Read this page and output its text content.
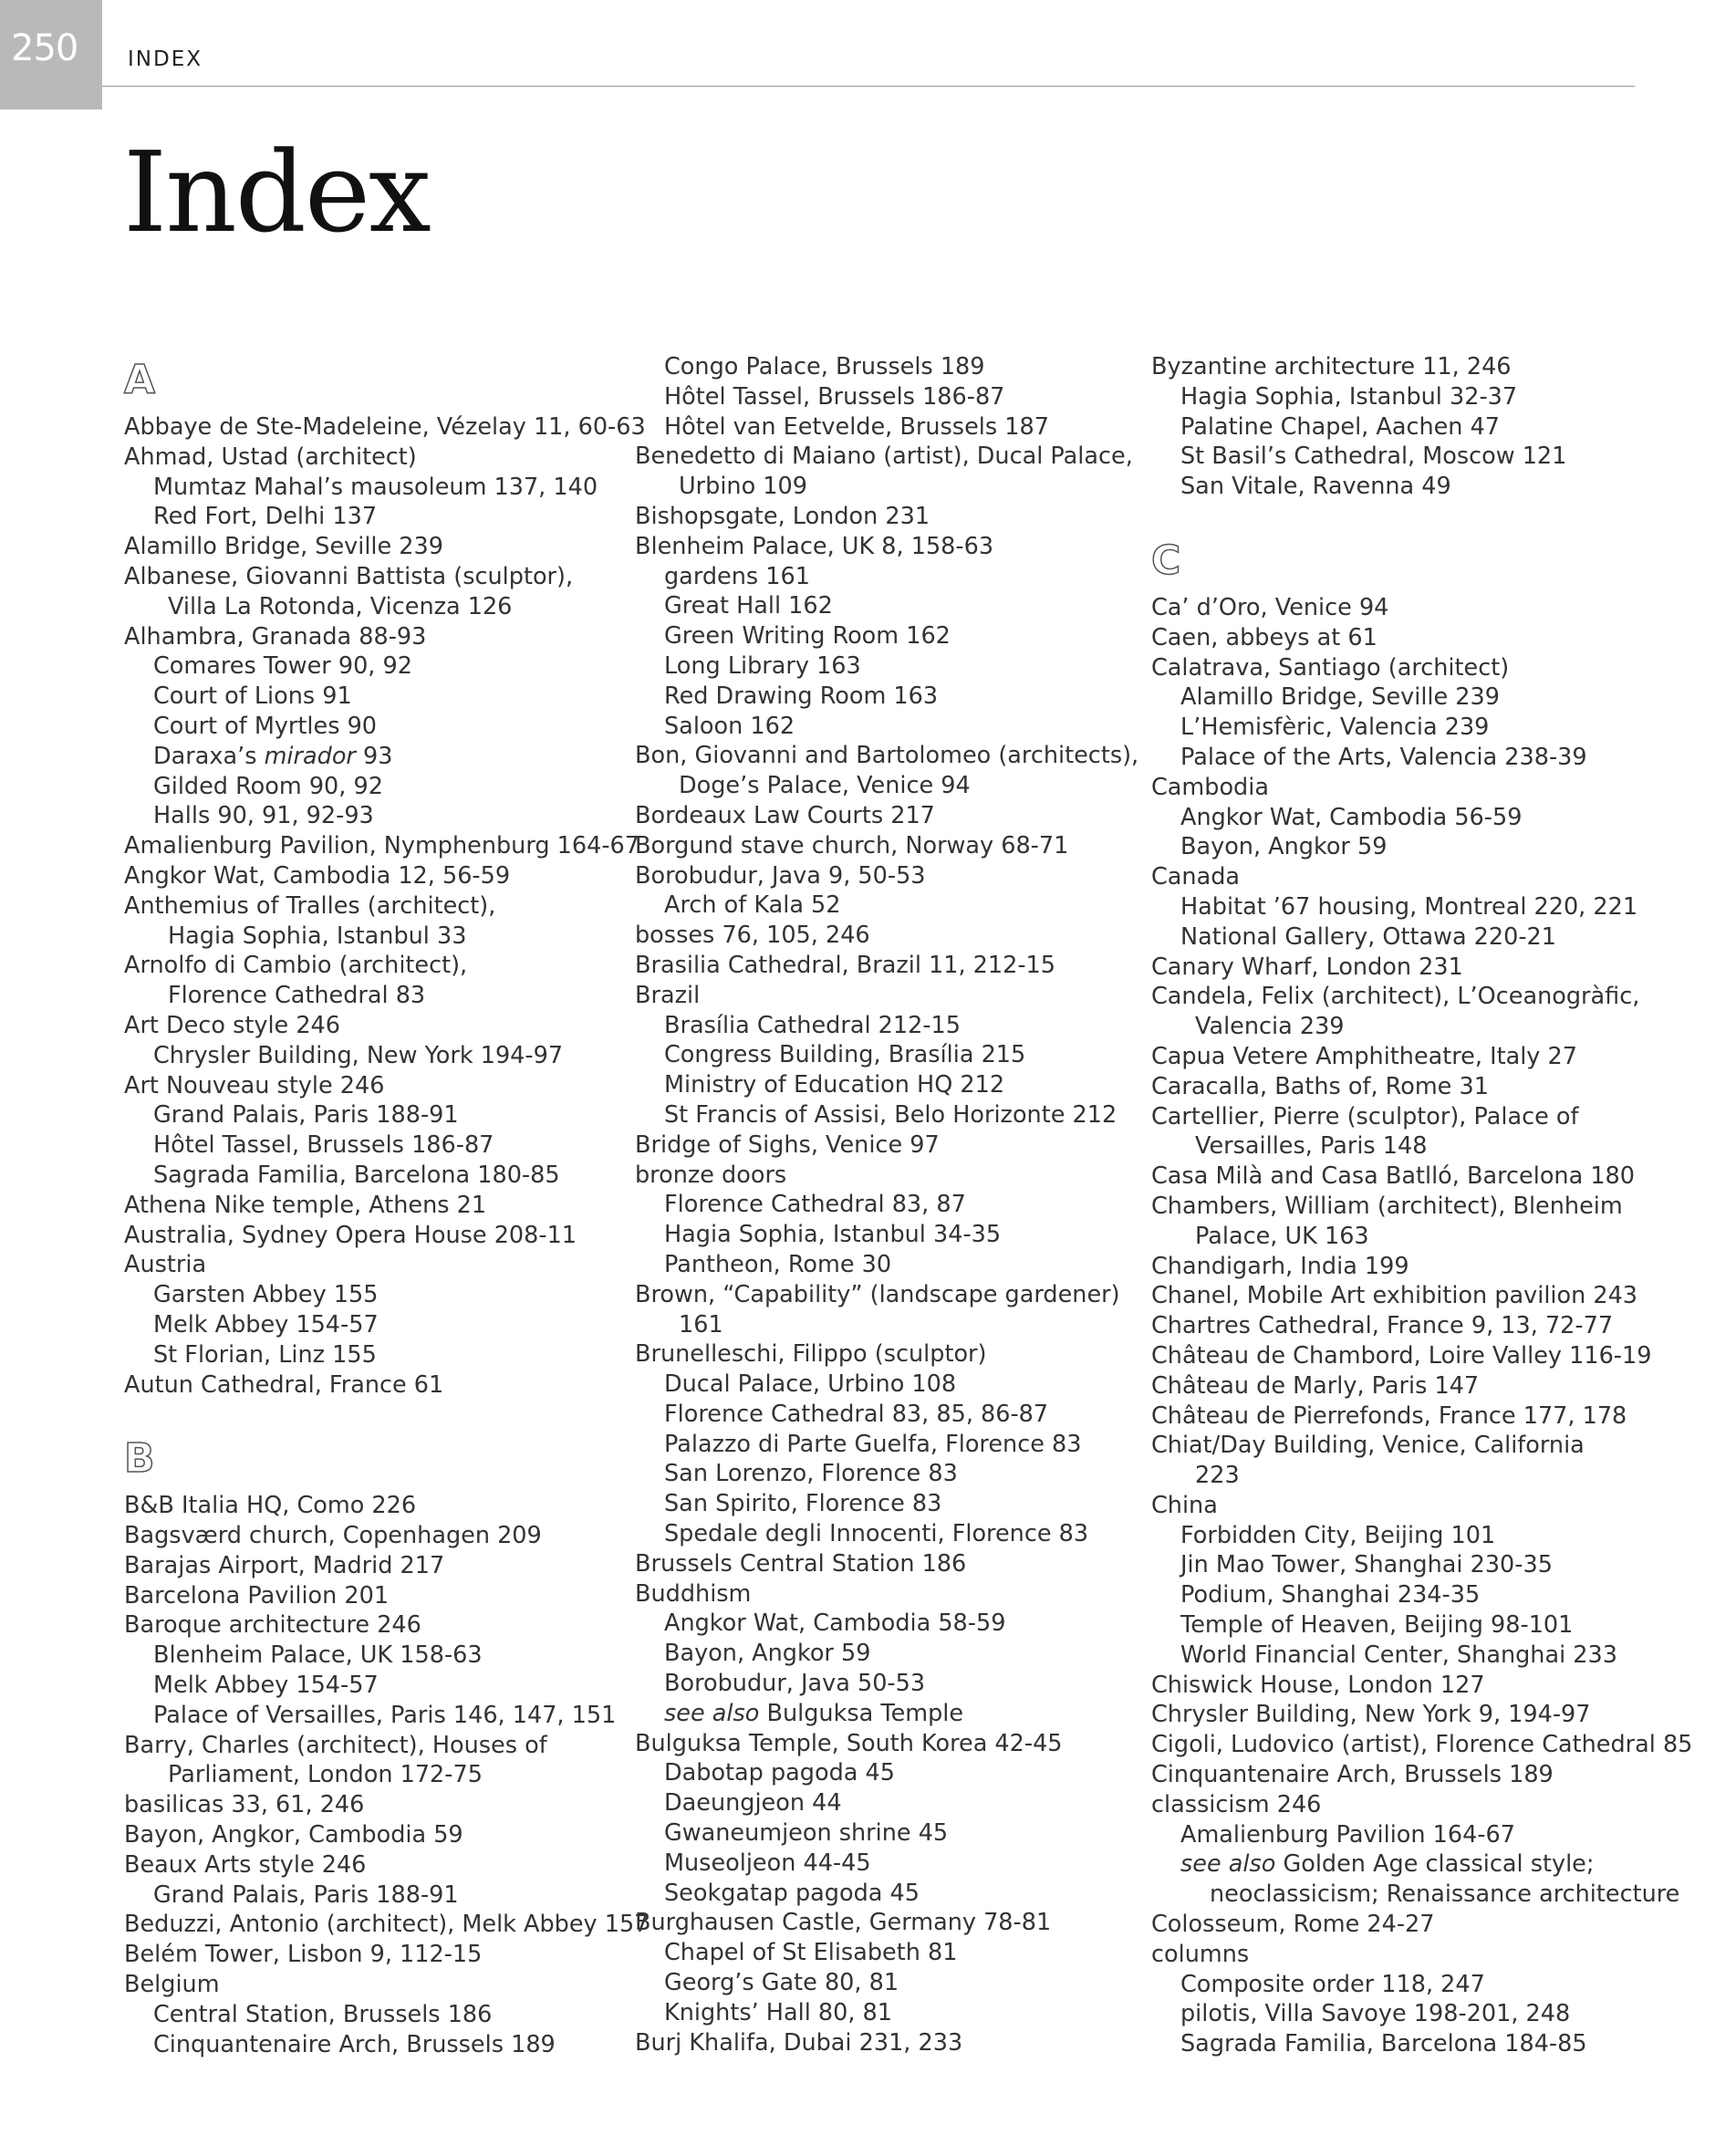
250 INDEX
Index
A
Abbaye de Ste-Madeleine, Vézelay 11, 60-63
Ahmad, Ustad (architect)
Mumtaz Mahal’s mausoleum 137, 140
Red Fort, Delhi 137
Alamillo Bridge, Seville 239
Albanese, Giovanni Battista (sculptor),
Villa La Rotonda, Vicenza 126
Alhambra, Granada 88-93
Comares Tower 90, 92
Court of Lions 91
Court of Myrtles 90
Daraxa’s mirador 93
Gilded Room 90, 92
Halls 90, 91, 92-93
Amalienburg Pavilion, Nymphenburg 164-67
Angkor Wat, Cambodia 12, 56-59
Anthemius of Tralles (architect),
Hagia Sophia, Istanbul 33
Arnolfo di Cambio (architect),
Florence Cathedral 83
Art Deco style 246
Chrysler Building, New York 194-97
Art Nouveau style 246
Grand Palais, Paris 188-91
Hôtel Tassel, Brussels 186-87
Sagrada Familia, Barcelona 180-85
Athena Nike temple, Athens 21
Australia, Sydney Opera House 208-11
Austria
Garsten Abbey 155
Melk Abbey 154-57
St Florian, Linz 155
Autun Cathedral, France 61
B
B&B Italia HQ, Como 226
Bagsværd church, Copenhagen 209
Barajas Airport, Madrid 217
Barcelona Pavilion 201
Baroque architecture 246
Blenheim Palace, UK 158-63
Melk Abbey 154-57
Palace of Versailles, Paris 146, 147, 151
Barry, Charles (architect), Houses of
Parliament, London 172-75
basilicas 33, 61, 246
Bayon, Angkor, Cambodia 59
Beaux Arts style 246
Grand Palais, Paris 188-91
Beduzzi, Antonio (architect), Melk Abbey 157
Belém Tower, Lisbon 9, 112-15
Belgium
Central Station, Brussels 186
Cinquantenaire Arch, Brussels 189
Congo Palace, Brussels 189
Hôtel Tassel, Brussels 186-87
Hôtel van Eetvelde, Brussels 187
Benedetto di Maiano (artist), Ducal Palace,
Urbino 109
Bishopsgate, London 231
Blenheim Palace, UK 8, 158-63
gardens 161
Great Hall 162
Green Writing Room 162
Long Library 163
Red Drawing Room 163
Saloon 162
Bon, Giovanni and Bartolomeo (architects),
Doge’s Palace, Venice 94
Bordeaux Law Courts 217
Borgund stave church, Norway 68-71
Borobudur, Java 9, 50-53
Arch of Kala 52
bosses 76, 105, 246
Brasilia Cathedral, Brazil 11, 212-15
Brazil
Brasília Cathedral 212-15
Congress Building, Brasília 215
Ministry of Education HQ 212
St Francis of Assisi, Belo Horizonte 212
Bridge of Sighs, Venice 97
bronze doors
Florence Cathedral 83, 87
Hagia Sophia, Istanbul 34-35
Pantheon, Rome 30
Brown, “Capability” (landscape gardener)
161
Brunelleschi, Filippo (sculptor)
Ducal Palace, Urbino 108
Florence Cathedral 83, 85, 86-87
Palazzo di Parte Guelfa, Florence 83
San Lorenzo, Florence 83
San Spirito, Florence 83
Spedale degli Innocenti, Florence 83
Brussels Central Station 186
Buddhism
Angkor Wat, Cambodia 58-59
Bayon, Angkor 59
Borobudur, Java 50-53
see also Bulguksa Temple
Bulguksa Temple, South Korea 42-45
Dabotap pagoda 45
Daeungjeon 44
Gwaneumjeon shrine 45
Museoljeon 44-45
Seokgatap pagoda 45
Burghausen Castle, Germany 78-81
Chapel of St Elisabeth 81
Georg’s Gate 80, 81
Knights’ Hall 80, 81
Burj Khalifa, Dubai 231, 233
Byzantine architecture 11, 246
Hagia Sophia, Istanbul 32-37
Palatine Chapel, Aachen 47
St Basil’s Cathedral, Moscow 121
San Vitale, Ravenna 49
C
Ca’ d’Oro, Venice 94
Caen, abbeys at 61
Calatrava, Santiago (architect)
Alamillo Bridge, Seville 239
L’Hemisfèric, Valencia 239
Palace of the Arts, Valencia 238-39
Cambodia
Angkor Wat, Cambodia 56-59
Bayon, Angkor 59
Canada
Habitat ’67 housing, Montreal 220, 221
National Gallery, Ottawa 220-21
Canary Wharf, London 231
Candela, Felix (architect), L’Oceanogràfic,
Valencia 239
Capua Vetere Amphitheatre, Italy 27
Caracalla, Baths of, Rome 31
Cartellier, Pierre (sculptor), Palace of
Versailles, Paris 148
Casa Milà and Casa Batlló, Barcelona 180
Chambers, William (architect), Blenheim
Palace, UK 163
Chandigarh, India 199
Chanel, Mobile Art exhibition pavilion 243
Chartres Cathedral, France 9, 13, 72-77
Château de Chambord, Loire Valley 116-19
Château de Marly, Paris 147
Château de Pierrefonds, France 177, 178
Chiat/Day Building, Venice, California
223
China
Forbidden City, Beijing 101
Jin Mao Tower, Shanghai 230-35
Podium, Shanghai 234-35
Temple of Heaven, Beijing 98-101
World Financial Center, Shanghai 233
Chiswick House, London 127
Chrysler Building, New York 9, 194-97
Cigoli, Ludovico (artist), Florence Cathedral 85
Cinquantenaire Arch, Brussels 189
classicism 246
Amalienburg Pavilion 164-67
see also Golden Age classical style;
neoclassicism; Renaissance architecture
Colosseum, Rome 24-27
columns
Composite order 118, 247
pilotis, Villa Savoye 198-201, 248
Sagrada Familia, Barcelona 184-85
